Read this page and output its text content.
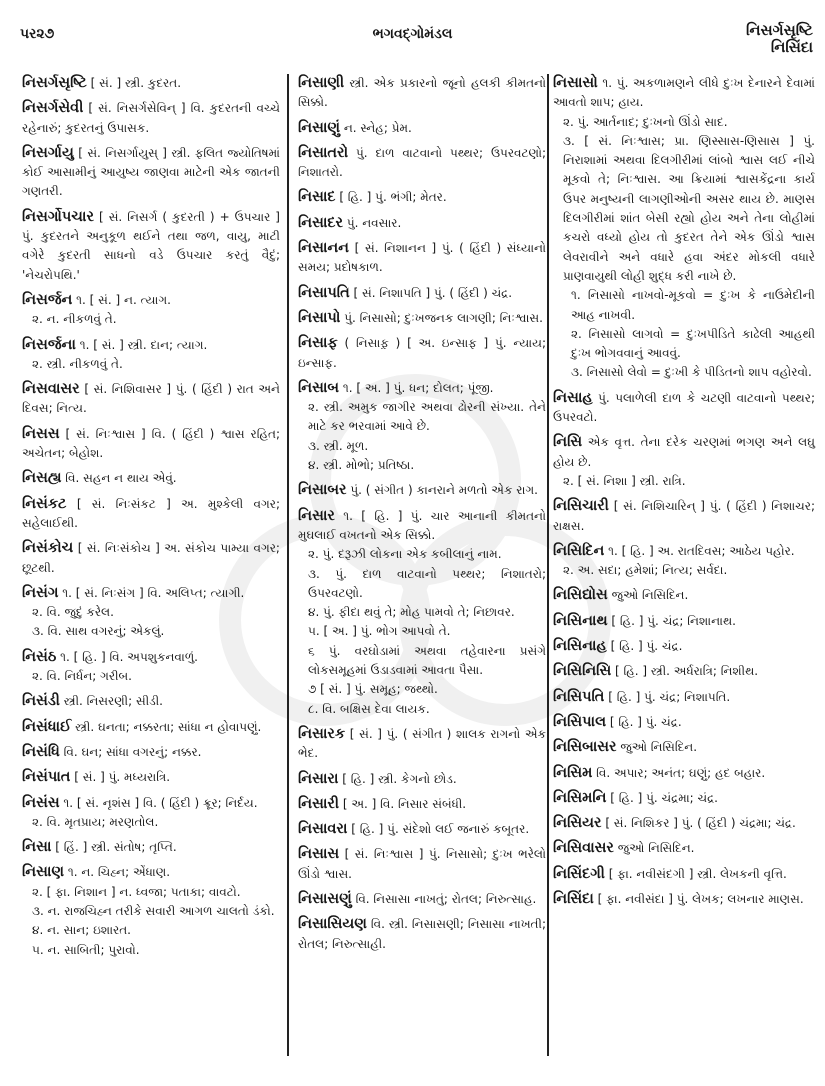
પર૨૭	ભગવદ્ગોમંડલ	નિસર્ગસૃષ્ટિ
નિસિંદા
નિસર્ગસૃષ્ટિ [ સં. ] સ્ત્રી. કુદરત.
નિસર્ગસેવી [ સં. નિસર્ગસેવિન્ ] વિ. કુદરતની વચ્ચે રહેનારું; કુદરતનું ઉપાસક.
નિસર્ગાયુ [ સં. નિસર્ગાયુસ્ ] સ્ત્રી. ફલિત જ્યોતિષમાં કોઈ આસામીનું આયુષ્ય જાણવા માટેની એક જાતની ગણતરી.
નિસર્ગોપચાર [ સં. નિસર્ગ ( કુદરતી ) + ઉપચાર ] પું. કુદરતને અનુકૂળ થઈને તથા જળ, વાયુ, માટી વગેરે કુદરતી સાધનો વડે ઉપચાર કરતું વૈદું; 'નેચરોપથિ.'
નિસર્જન ૧. [ સં. ] ન. ત્યાગ.
૨. ન. નીકળવું તે.
નિસર્જના ૧. [ સં. ] સ્ત્રી. દાન; ત્યાગ.
૨. સ્ત્રી. નીકળવું તે.
નિસવાસર [ સં. નિશિવાસર ] પું. ( હિંદી ) રાત અને દિવસ; નિત્ય.
નિસસ [ સં. નિઃશ્વાસ ] વિ. ( હિંદી ) શ્વાસ રહિત; અચેતન; બેહોશ.
નિસહ્ય વિ. સહન ન થાય એવું.
નિસંકટ [ સં. નિઃસંકટ ] અ. મુશ્કેલી વગર; સહેલાઈથી.
નિસંકોચ [ સં. નિઃસંકોચ ] અ. સંકોચ પામ્યા વગર; છૂટથી.
નિસંગ ૧. [ સં. નિઃસંગ ] વિ. અલિપ્ત; ત્યાગી.
૨. વિ. જુદું કરેલ.
૩. વિ. સાથ વગરનું; એકલું.
નિસંઠ ૧. [ હિ. ] વિ. અપશુકનવાળું.
૨. વિ. નિર્ધન; ગરીબ.
નિસંડી સ્ત્રી. નિસરણી; સીડી.
નિસંધાઈ સ્ત્રી. ઘનતા; નક્કરતા; સાંધા ન હોવાપણું.
નિસંધિ વિ. ઘન; સાંધા વગરનું; નક્કર.
નિસંપાત [ સં. ] પું. મધ્યરાત્રિ.
નિસંસ ૧. [ સં. નૃશંસ ] વિ. ( હિંદી ) ક્રૂર; નિર્દય.
૨. વિ. મૃતપ્રાય; મરણતોલ.
નિસા [ હિં. ] સ્ત્રી. સંતોષ; તૃપ્તિ.
નિસાણ ૧. ન. ચિહ્ન; એંધાણ.
૨. [ ફા. નિશાન ] ન. ધ્વજા; પતાકા; વાવટો.
૩. ન. રાજચિહ્ન તરીકે સવારી આગળ ચાલતો ડંકો.
૪. ન. સાન; ઇશારત.
૫. ન. સાબિતી; પુરાવો.
નિસાણી સ્ત્રી. એક પ્રકારનો જૂનો હલકી કીમતનો સિક્કો.
નિસાણું ન. સ્નેહ; પ્રેમ.
નિસાતરો પું. દાળ વાટવાનો પથ્થર; ઉપરવટણો; નિશાતરો.
નિસાદ [ હિ. ] પું. ભંગી; મેતર.
નિસાદર પું. નવસાર.
નિસાનન [ સં. નિશાનન ] પું. ( હિંદી ) સંધ્યાનો સમય; પ્રદોષકાળ.
નિસાપતિ [ સં. નિશાપતિ ] પું. ( હિંદી ) ચંદ્ર.
નિસાપો પું. નિસાસો; દુઃખજનક લાગણી; નિઃશ્વાસ.
નિસાફ ( નિસાફ઼ ) [ અ. ઇન્સાફ ] પું. ન્યાય; ઇન્સાફ.
નિસાબ ૧. [ અ. ] પું. ધન; દોલત; પૂંજી.
૨. સ્ત્રી. અમુક જાગીર અથવા ઢોરની સંખ્યા. તેને માટે કર ભરવામાં આવે છે.
૩. સ્ત્રી. મૂળ.
૪. સ્ત્રી. મોભો; પ્રતિષ્ઠા.
નિસાબર પું. ( સંગીત ) કાનરાને મળતો એક રાગ.
નિસાર ૧. [ હિ. ] પું. ચાર આનાની કીમતનો મુઘલાઈ વખતનો એક સિક્કો.
૨. પું. દરૂઝી લોકના એક કબીલાનું નામ.
૩. પું. દાળ વાટવાનો પથ્થર; નિશાતરો; ઉપરવટણો.
૪. પું. ફીદા થવું તે; મોહ પામવો તે; નિછાવર.
૫. [ અ. ] પું. ભોગ આપવો તે.
૬ પું. વરઘોડામાં અથવા તહેવારના પ્રસંગે લોકસમૂહમાં ઉડાડવામાં આવતા પૈસા.
૭ [ સં. ] પું. સમૂહ; જથ્થો.
૮. વિ. બક્ષિસ દેવા લાયક.
નિસારક [ સં. ] પું. ( સંગીત ) શાલક રાગનો એક ભેદ.
નિસારા [ હિ. ] સ્ત્રી. કેગનો છોડ.
નિસારી [ અ. ] વિ. નિસાર સંબંધી.
નિસાવરા [ હિ. ] પું. સંદેશો લઈ જનારું કબૂતર.
નિસાસ [ સં. નિઃશ્વાસ ] પું. નિસાસો; દુઃખ ભરેલો ઊંડો શ્વાસ.
નિસાસણું વિ. નિસાસા નાખતું; રોતલ; નિરુત્સાહ.
નિસાસિયણ વિ. સ્ત્રી. નિસાસણી; નિસાસા નાખતી; રોતલ; નિરુત્સાહી.
નિસાસો ૧. પું. અકળામણને લીધે દુઃખ દેનારને દેવામાં આવતો શાપ; હાય.
૨. પું. આર્તનાદ; દુઃખનો ઊંડો સાદ.
૩. [ સં. નિઃશ્વાસ; પ્રા. ણિસ્સાસ-ણિસાસ ] પું. નિરાશામાં અથવા દિલગીરીમાં લાંબો શ્વાસ લઈ નીચે મૂકવો તે; નિઃશ્વાસ. આ ક્રિયામાં શ્વાસકેંદ્રના કાર્ય ઉપર મનુષ્યની લાગણીઓની અસર થાય છે. માણસ દિલગીરીમાં શાંત બેસી રહ્યો હોય અને તેના લોહીમાં કચરો વધ્યો હોય તો કુદરત તેને એક ઊંડો શ્વાસ લેવરાવીને અને વધારે હવા અંદર મોકલી વધારે પ્રાણવાયુથી લોહી શુદ્ધ કરી નાખે છે.
૧. નિસાસો નાખવો-મૂકવો = દુઃખ કે નાઉમેદીની આહ નાખવી.
૨. નિસાસો લાગવો = દુઃખપીડિતે કાઢેલી આહથી દુઃખ ભોગવવાનું આવવું.
૩. નિસાસો લેવો = દુઃખી કે પીડિતનો શાપ વહોરવો.
નિસાહ પું. પલાળેલી દાળ કે ચટણી વાટવાનો પથ્થર; ઉપરવટો.
નિસિ એક વૃત્ત. તેના દરેક ચરણમાં ભગણ અને લઘુ હોય છે.
૨. [ સં. નિશા ] સ્ત્રી. રાત્રિ.
નિસિચારી [ સં. નિશિચારિન્ ] પું. ( હિંદી ) નિશાચર; રાક્ષસ.
નિસિદિન ૧. [ હિ. ] અ. રાતદિવસ; આઠેય પહોર.
૨. અ. સદા; હમેશાં; નિત્ય; સર્વદા.
નિસિદ્યોસ જુઓ નિસિદિન.
નિસિનાથ [ હિ. ] પું. ચંદ્ર; નિશાનાથ.
નિસિનાહ [ હિ. ] પું. ચંદ્ર.
નિસિનિસિ [ હિ. ] સ્ત્રી. અર્ધરાત્રિ; નિશીથ.
નિસિપતિ [ હિ. ] પું. ચંદ્ર; નિશાપતિ.
નિસિપાલ [ હિ. ] પું. ચંદ્ર.
નિસિબાસર જુઓ નિસિદિન.
નિસિમ વિ. અપાર; અનંત; ઘણું; હદ બહાર.
નિસિમનિ [ હિ. ] પું. ચંદ્રમા; ચંદ્ર.
નિસિયર [ સં. નિશિકર ] પું. ( હિંદી ) ચંદ્રમા; ચંદ્ર.
નિસિવાસર જુઓ નિસિદિન.
નિસિંદગી [ ફા. નવીસંદગી ] સ્ત્રી. લેખકની વૃત્તિ.
નિસિંદા [ ફા. નવીસંદા ] પું. લેખક; લખનાર માણસ.
